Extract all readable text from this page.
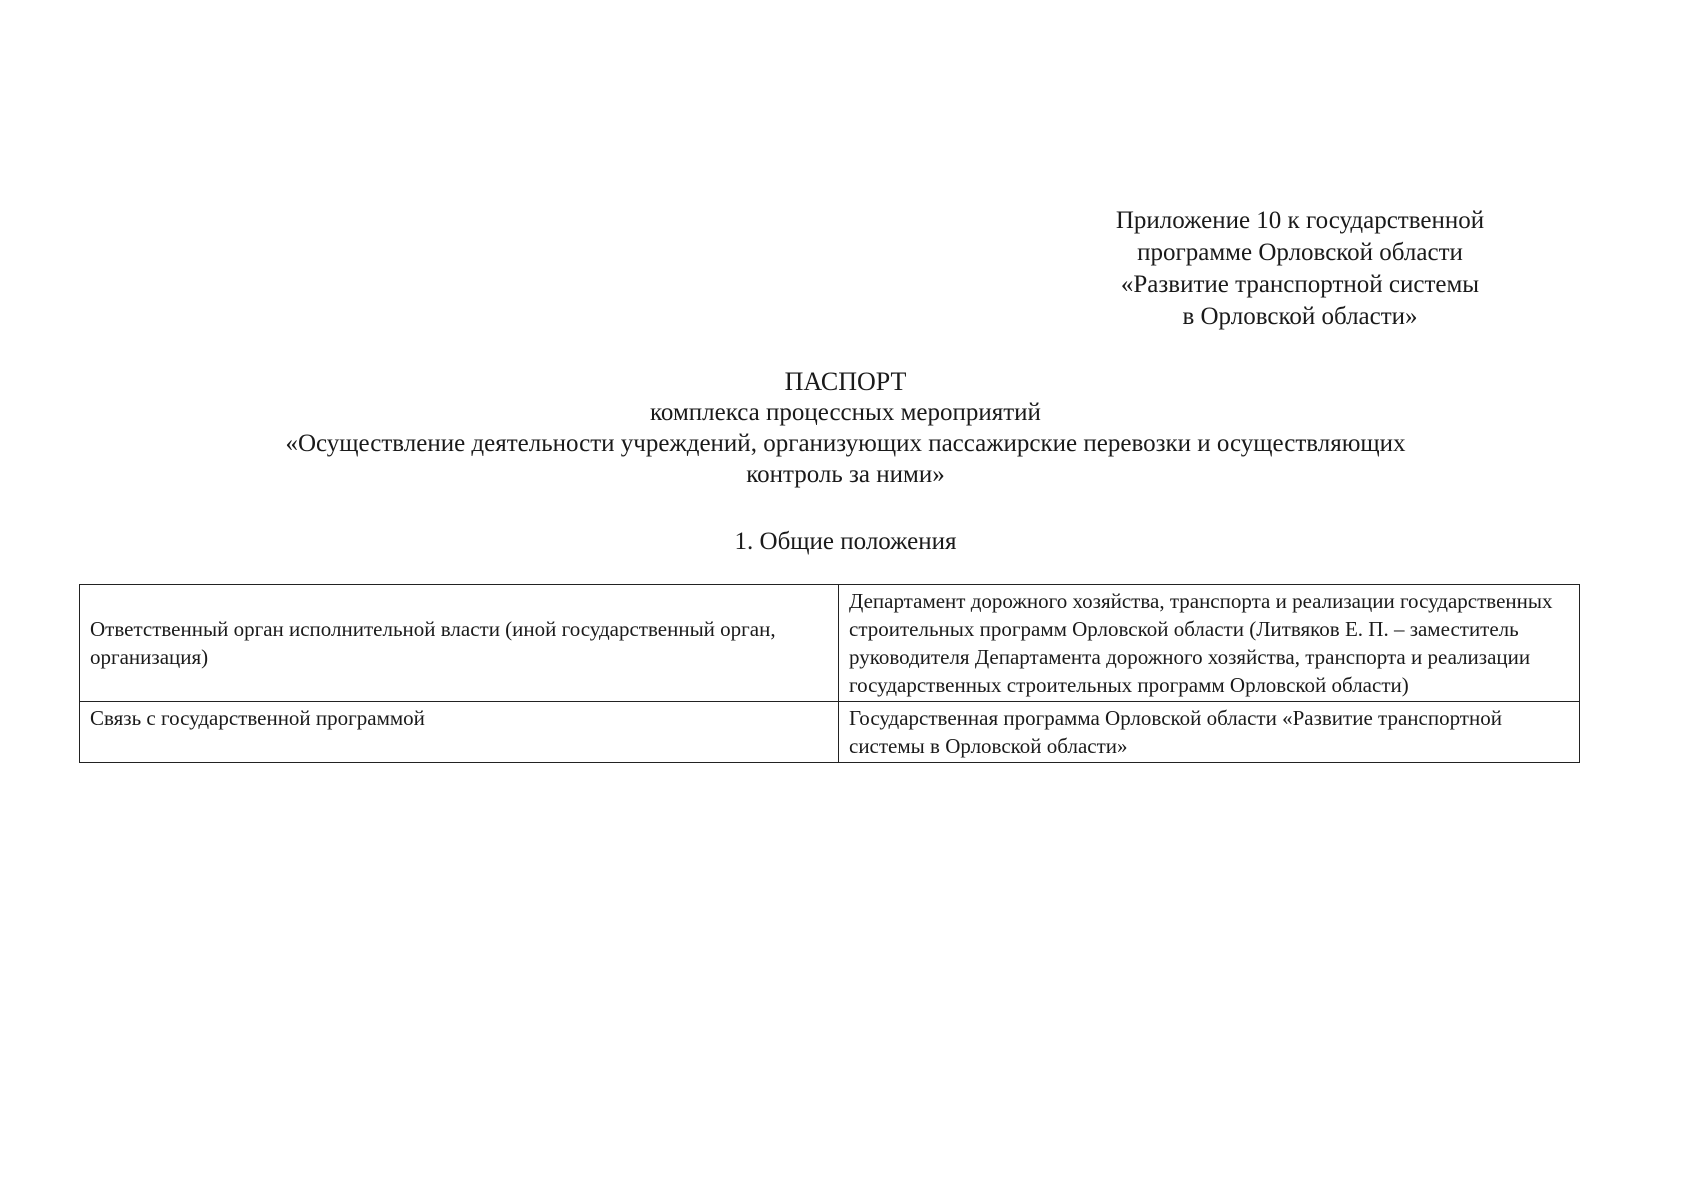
Приложение 10 к государственной
программе Орловской области
«Развитие транспортной системы
в Орловской области»
ПАСПОРТ
комплекса процессных мероприятий
«Осуществление деятельности учреждений, организующих пассажирские перевозки и осуществляющих
контроль за ними»
1. Общие положения
Ответственный орган исполнительной власти (иной государственный орган, организация)	Департамент дорожного хозяйства, транспорта и реализации государственных строительных программ Орловской области (Литвяков Е. П. – заместитель руководителя Департамента дорожного хозяйства, транспорта и реализации государственных строительных программ Орловской области)
Связь с государственной программой	Государственная программа Орловской области «Развитие транспортной системы в Орловской области»
